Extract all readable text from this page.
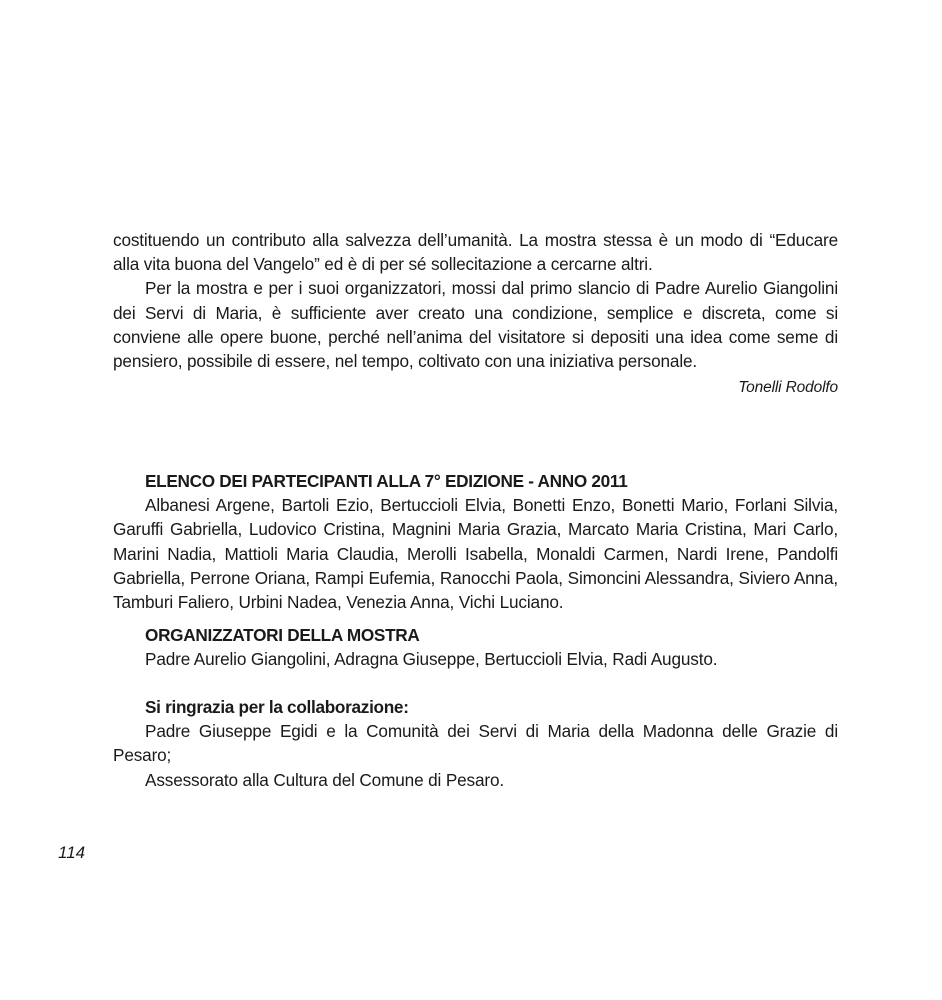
costituendo un contributo alla salvezza dell’umanità. La mostra stessa è un modo di “Educare alla vita buona del Vangelo” ed è di per sé sollecitazione a cercarne altri.

Per la mostra e per i suoi organizzatori, mossi dal primo slancio di Padre Aurelio Giangolini dei Servi di Maria, è sufficiente aver creato una condizione, semplice e discreta, come si conviene alle opere buone, perché nell’anima del visitatore si depositi una idea come seme di pensiero, possibile di essere, nel tempo, coltivato con una iniziativa personale.

Tonelli Rodolfo

ELENCO DEI PARTECIPANTI ALLA 7° EDIZIONE - ANNO 2011

Albanesi Argene, Bartoli Ezio, Bertuccioli Elvia, Bonetti Enzo, Bonetti Mario, Forlani Silvia, Garuffi Gabriella, Ludovico Cristina, Magnini Maria Grazia, Marcato Maria Cristina, Mari Carlo, Marini Nadia, Mattioli Maria Claudia, Merolli Isabella, Monaldi Carmen, Nardi Irene, Pandolfi Gabriella, Perrone Oriana, Rampi Eufemia, Ranocchi Paola, Simoncini Alessandra, Siviero Anna, Tamburi Faliero, Urbini Nadea, Venezia Anna, Vichi Luciano.

ORGANIZZATORI DELLA MOSTRA

Padre Aurelio Giangolini, Adragna Giuseppe, Bertuccioli Elvia, Radi Augusto.

Si ringrazia per la collaborazione:

Padre Giuseppe Egidi e la Comunità dei Servi di Maria della Madonna delle Grazie di Pesaro;

Assessorato alla Cultura del Comune di Pesaro.

114
